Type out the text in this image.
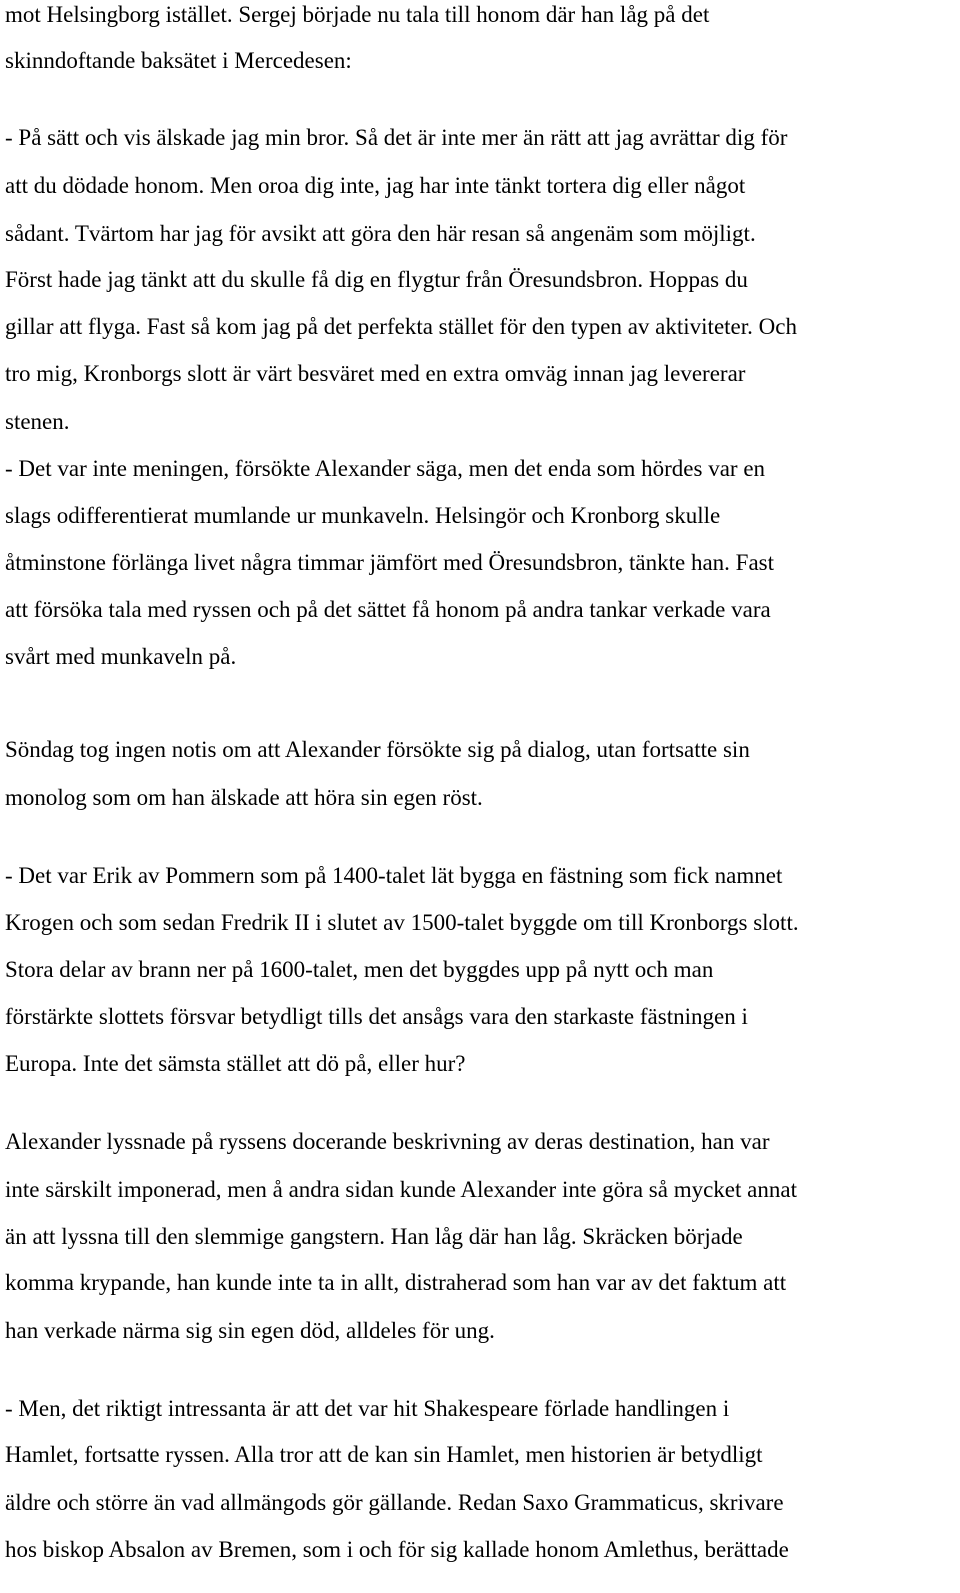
mot Helsingborg istället. Sergej började nu tala till honom där han låg på det
skinndoftande baksätet i Mercedesen:
- På sätt och vis älskade jag min bror. Så det är inte mer än rätt att jag avrättar dig för
att du dödade honom. Men oroa dig inte, jag har inte tänkt tortera dig eller något
sådant. Tvärtom har jag för avsikt att göra den här resan så angenäm som möjligt.
Först hade jag tänkt att du skulle få dig en flygtur från Öresundsbron. Hoppas du
gillar att flyga. Fast så kom jag på det perfekta stället för den typen av aktiviteter. Och
tro mig, Kronborgs slott är värt besväret med en extra omväg innan jag levererar
stenen.
- Det var inte meningen, försökte Alexander säga, men det enda som hördes var en
slags odifferentierat mumlande ur munkaveln. Helsingör och Kronborg skulle
åtminstone förlänga livet några timmar jämfört med Öresundsbron, tänkte han. Fast
att försöka tala med ryssen och på det sättet få honom på andra tankar verkade vara
svårt med munkaveln på.
Söndag tog ingen notis om att Alexander försökte sig på dialog, utan fortsatte sin
monolog som om han älskade att höra sin egen röst.
- Det var Erik av Pommern som på 1400-talet lät bygga en fästning som fick namnet
Krogen och som sedan Fredrik II i slutet av 1500-talet byggde om till Kronborgs slott.
Stora delar av brann ner på 1600-talet, men det byggdes upp på nytt och man
förstärkte slottets försvar betydligt tills det ansågs vara den starkaste fästningen i
Europa. Inte det sämsta stället att dö på, eller hur?
Alexander lyssnade på ryssens docerande beskrivning av deras destination, han var
inte särskilt imponerad, men å andra sidan kunde Alexander inte göra så mycket annat
än att lyssna till den slemmige gangstern. Han låg där han låg. Skräcken började
komma krypande, han kunde inte ta in allt, distraherad som han var av det faktum att
han verkade närma sig sin egen död, alldeles för ung.
- Men, det riktigt intressanta är att det var hit Shakespeare förlade handlingen i
Hamlet, fortsatte ryssen. Alla tror att de kan sin Hamlet, men historien är betydligt
äldre och större än vad allmängods gör gällande. Redan Saxo Grammaticus, skrivare
hos biskop Absalon av Bremen, som i och för sig kallade honom Amlethus, berättade
